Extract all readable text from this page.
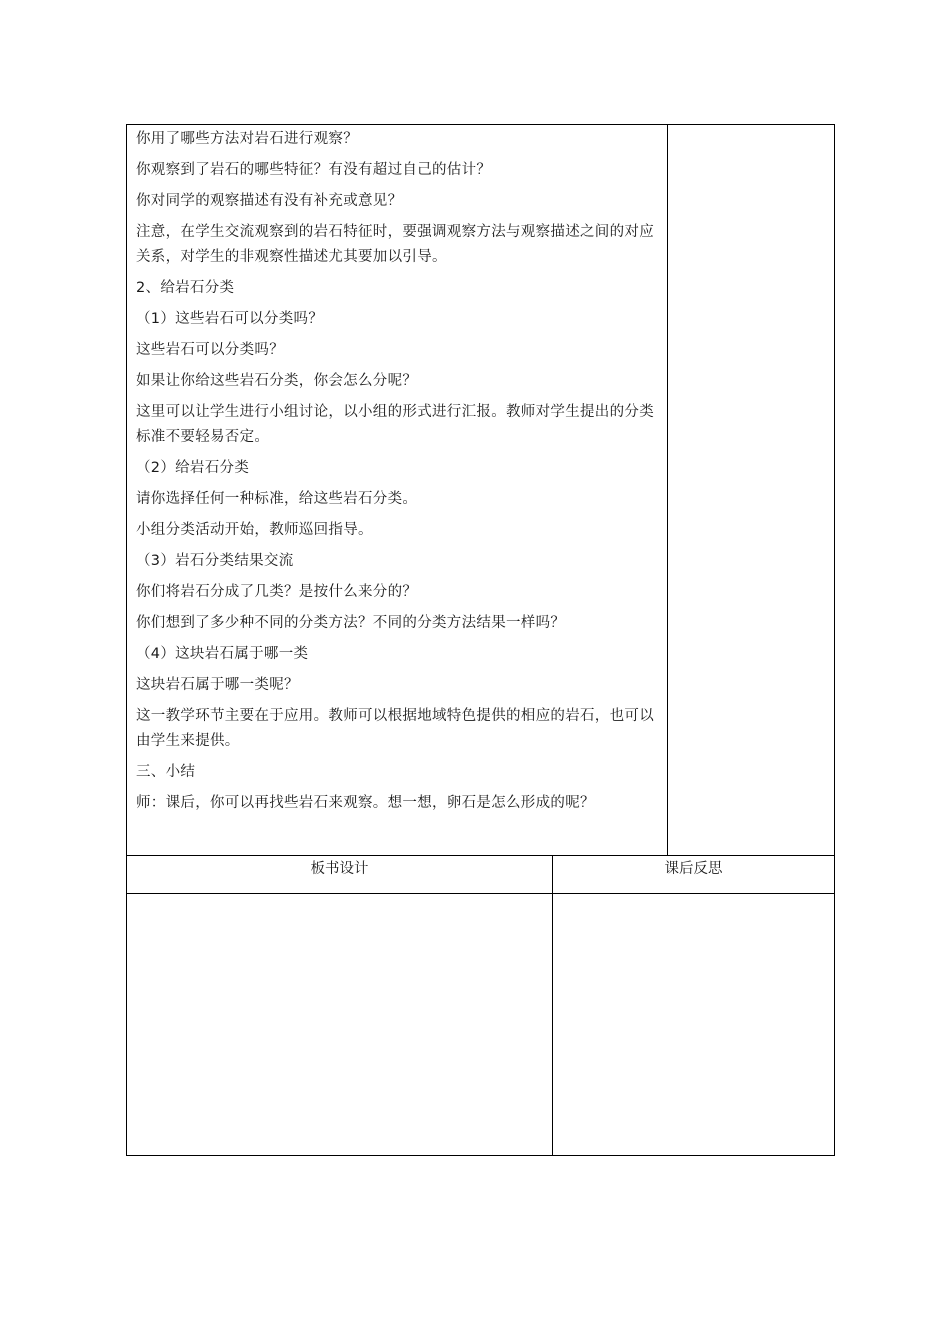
你用了哪些方法对岩石进行观察？

你观察到了岩石的哪些特征？有没有超过自己的估计？

你对同学的观察描述有没有补充或意见？

注意，在学生交流观察到的岩石特征时，要强调观察方法与观察描述之间的对应关系，对学生的非观察性描述尤其要加以引导。

2、给岩石分类

（1）这些岩石可以分类吗？

这些岩石可以分类吗？

如果让你给这些岩石分类，你会怎么分呢？

这里可以让学生进行小组讨论，以小组的形式进行汇报。教师对学生提出的分类标准不要轻易否定。

（2）给岩石分类

请你选择任何一种标准，给这些岩石分类。

小组分类活动开始，教师巡回指导。

（3）岩石分类结果交流

你们将岩石分成了几类？是按什么来分的？

你们想到了多少种不同的分类方法？不同的分类方法结果一样吗？

（4）这块岩石属于哪一类

这块岩石属于哪一类呢？

这一教学环节主要在于应用。教师可以根据地域特色提供的相应的岩石，也可以由学生来提供。

三、小结

师：课后，你可以再找些岩石来观察。想一想，卵石是怎么形成的呢？

板书设计	课后反思
